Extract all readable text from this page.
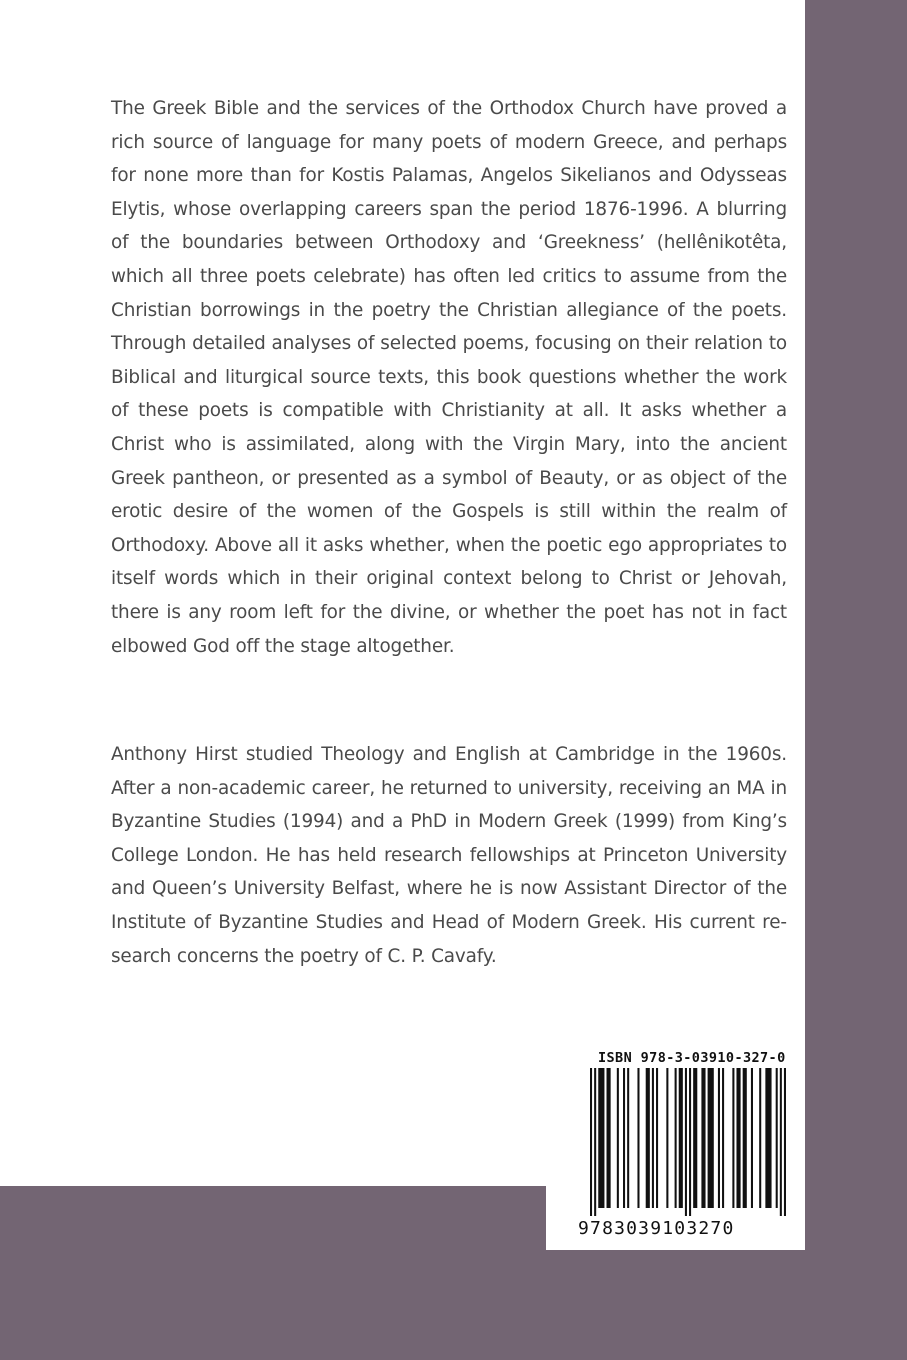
The Greek Bible and the services of the Orthodox Church have proved a rich source of language for many poets of modern Greece, and perhaps for none more than for Kostis Palamas, Angelos Sikelianos and Odysseas Elytis, whose overlapping careers span the period 1876-1996. A blurring of the boundaries between Orthodoxy and ‘Greekness’ (hellênikotêta, which all three poets celebrate) has often led critics to assume from the Christian borrowings in the poetry the Christian allegiance of the poets. Through detailed analyses of selected poems, focusing on their relation to Biblical and liturgical source texts, this book questions whether the work of these poets is compatible with Christianity at all. It asks whether a Christ who is assimilated, along with the Virgin Mary, into the ancient Greek pantheon, or presented as a symbol of Beauty, or as object of the erotic desire of the women of the Gospels is still within the realm of Orthodoxy. Above all it asks whether, when the poetic ego appropriates to itself words which in their original context belong to Christ or Jehovah, there is any room left for the divine, or whether the poet has not in fact elbowed God off the stage altogether.

Anthony Hirst studied Theology and English at Cambridge in the 1960s. After a non-academic career, he returned to university, receiving an MA in Byzantine Studies (1994) and a PhD in Modern Greek (1999) from King’s College London. He has held research fellowships at Princeton University and Queen’s University Belfast, where he is now Assistant Director of the Institute of Byzantine Studies and Head of Modern Greek. His current research concerns the poetry of C. P. Cavafy.

ISBN 978-3-03910-327-0
9783039103270
